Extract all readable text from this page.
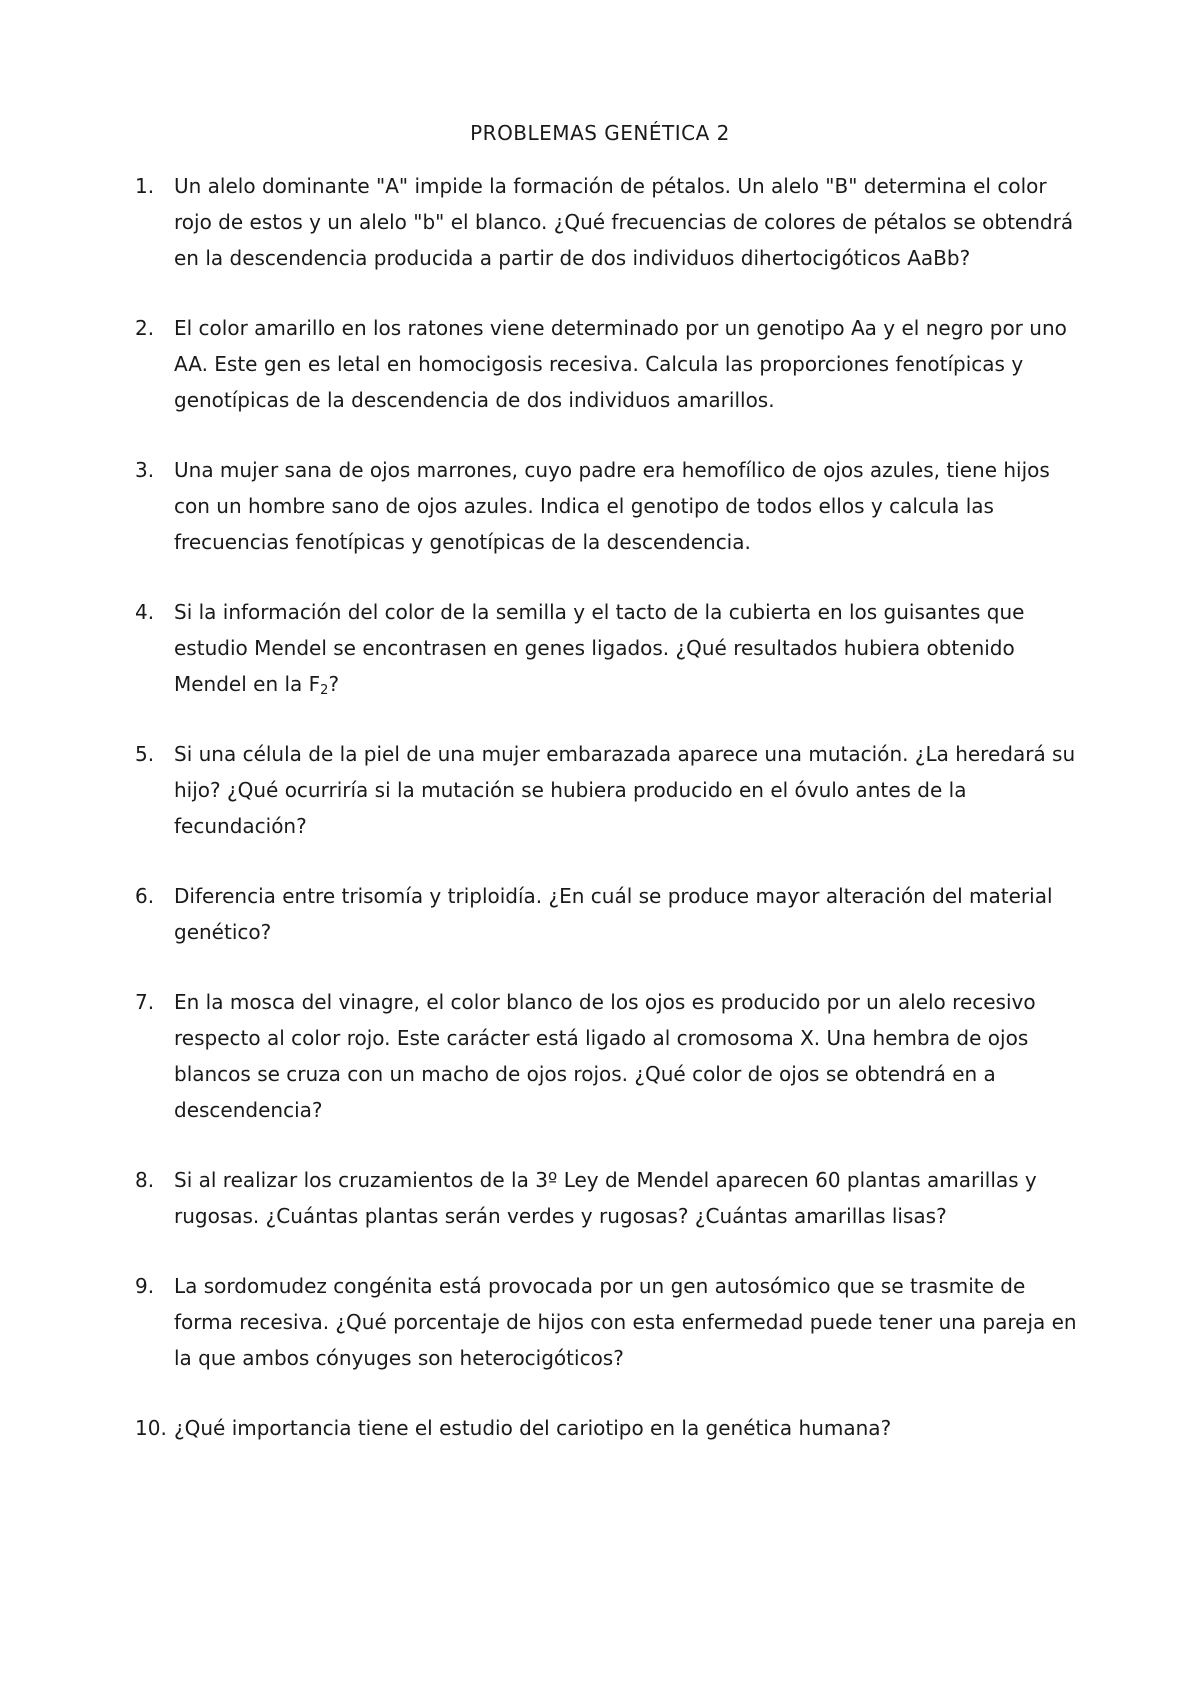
PROBLEMAS GENÉTICA 2
1. Un alelo dominante "A" impide la formación de pétalos. Un alelo "B" determina el color rojo de estos y un alelo "b" el blanco. ¿Qué frecuencias de colores de pétalos se obtendrá en la descendencia producida a partir de dos individuos dihertocigóticos AaBb?
2. El color amarillo en los ratones viene determinado por un genotipo Aa y el negro por uno AA. Este gen es letal en homocigosis recesiva. Calcula las proporciones fenotípicas y genotípicas de la descendencia de dos individuos amarillos.
3. Una mujer sana de ojos marrones, cuyo padre era hemofílico de ojos azules, tiene hijos con un hombre sano de ojos azules. Indica el genotipo de todos ellos y calcula las frecuencias fenotípicas y genotípicas de la descendencia.
4. Si la información del color de la semilla y el tacto de la cubierta en los guisantes que estudio Mendel se encontrasen en genes ligados. ¿Qué resultados hubiera obtenido Mendel en la $F_2$?
5. Si una célula de la piel de una mujer embarazada aparece una mutación. ¿La heredará su hijo? ¿Qué ocurriría si la mutación se hubiera producido en el óvulo antes de la fecundación?
6. Diferencia entre trisomía y triploidía. ¿En cuál se produce mayor alteración del material genético?
7. En la mosca del vinagre, el color blanco de los ojos es producido por un alelo recesivo respecto al color rojo. Este carácter está ligado al cromosoma X. Una hembra de ojos blancos se cruza con un macho de ojos rojos. ¿Qué color de ojos se obtendrá en a descendencia?
8. Si al realizar los cruzamientos de la 3º Ley de Mendel aparecen 60 plantas amarillas y rugosas. ¿Cuántas plantas serán verdes y rugosas? ¿Cuántas amarillas lisas?
9. La sordomudez congénita está provocada por un gen autosómico que se trasmite de forma recesiva. ¿Qué porcentaje de hijos con esta enfermedad puede tener una pareja en la que ambos cónyuges son heterocigóticos?
10. ¿Qué importancia tiene el estudio del cariotipo en la genética humana?
